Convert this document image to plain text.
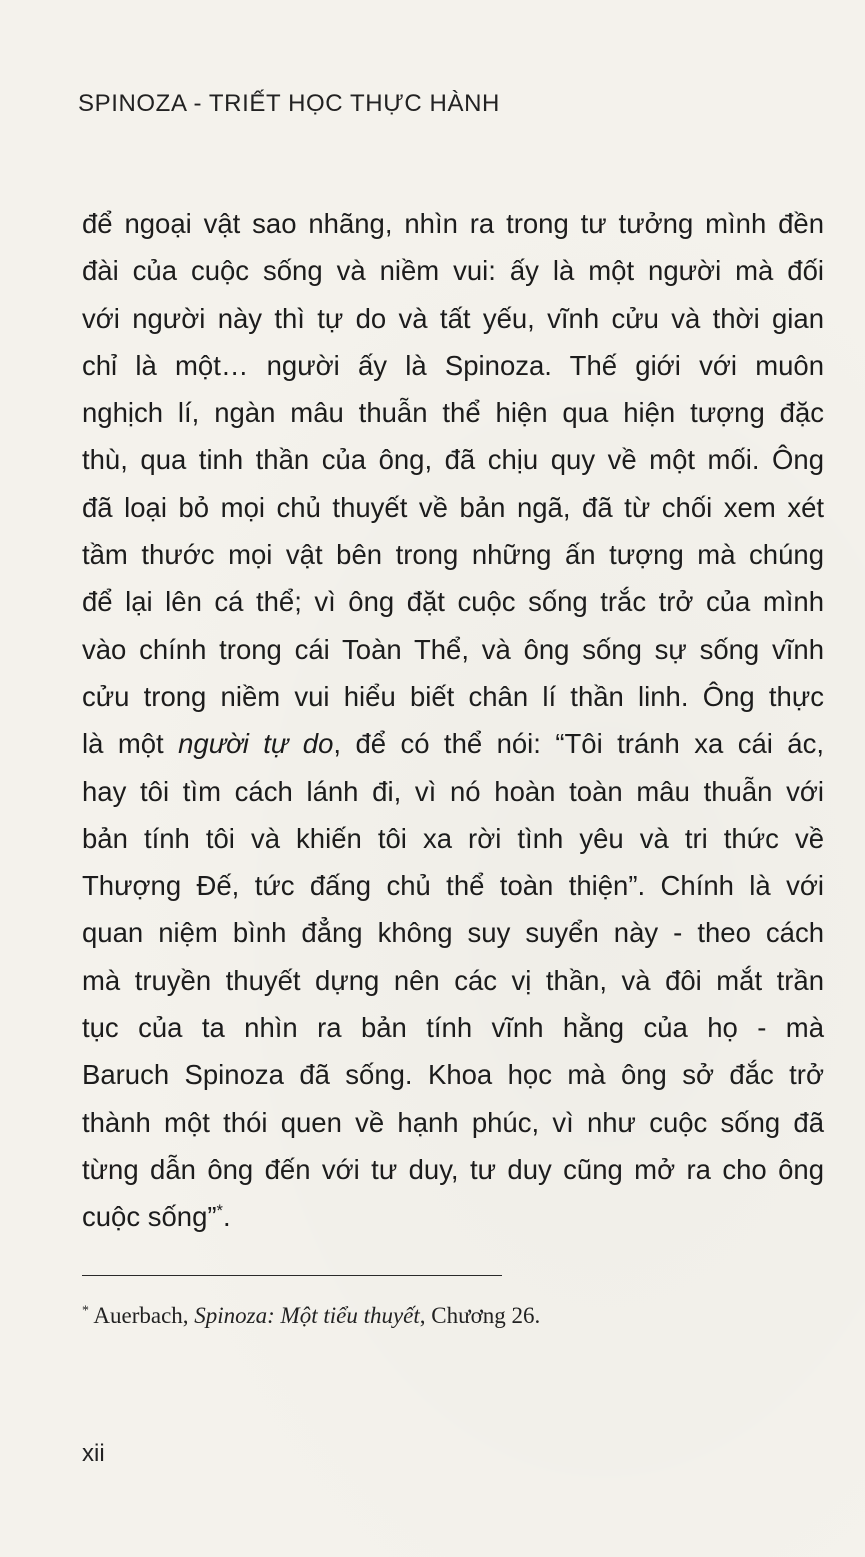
SPINOZA - TRIẾT HỌC THỰC HÀNH
để ngoại vật sao nhãng, nhìn ra trong tư tưởng mình đền
đài của cuộc sống và niềm vui: ấy là một người mà đối
với người này thì tự do và tất yếu, vĩnh cửu và thời gian
chỉ là một… người ấy là Spinoza. Thế giới với muôn
nghịch lí, ngàn mâu thuẫn thể hiện qua hiện tượng đặc
thù, qua tinh thần của ông, đã chịu quy về một mối. Ông
đã loại bỏ mọi chủ thuyết về bản ngã, đã từ chối xem xét
tầm thước mọi vật bên trong những ấn tượng mà chúng
để lại lên cá thể; vì ông đặt cuộc sống trắc trở của mình
vào chính trong cái Toàn Thể, và ông sống sự sống vĩnh
cửu trong niềm vui hiểu biết chân lí thần linh. Ông thực
là một người tự do, để có thể nói: “Tôi tránh xa cái ác,
hay tôi tìm cách lánh đi, vì nó hoàn toàn mâu thuẫn với
bản tính tôi và khiến tôi xa rời tình yêu và tri thức về
Thượng Đế, tức đấng chủ thể toàn thiện”. Chính là với
quan niệm bình đẳng không suy suyển này - theo cách
mà truyền thuyết dựng nên các vị thần, và đôi mắt trần
tục của ta nhìn ra bản tính vĩnh hằng của họ - mà
Baruch Spinoza đã sống. Khoa học mà ông sở đắc trở
thành một thói quen về hạnh phúc, vì như cuộc sống đã
từng dẫn ông đến với tư duy, tư duy cũng mở ra cho ông
cuộc sống”*.
* Auerbach, Spinoza: Một tiểu thuyết, Chương 26.
xii
